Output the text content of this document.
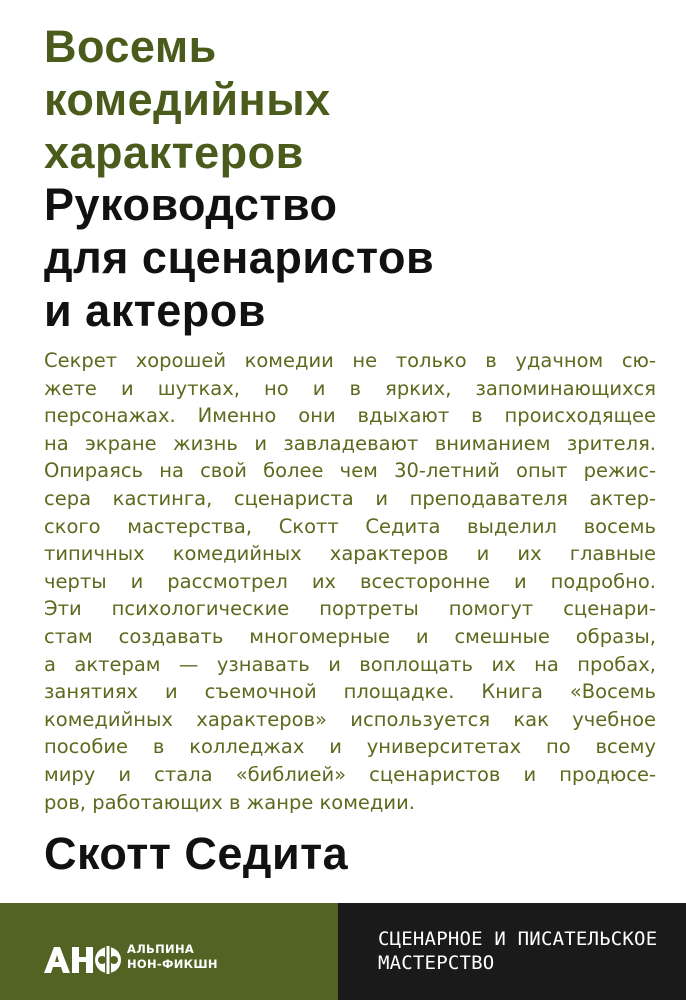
Восемь
комедийных
характеров
Руководство
для сценаристов
и актеров
Секрет хорошей комедии не только в удачном сю-
жете и шутках, но и в ярких, запоминающихся
персонажах. Именно они вдыхают в происходящее
на экране жизнь и завладевают вниманием зрителя.
Опираясь на свой более чем 30-летний опыт режис-
сера кастинга, сценариста и преподавателя актер-
ского мастерства, Скотт Седита выделил восемь
типичных комедийных характеров и их главные
черты и рассмотрел их всесторонне и подробно.
Эти психологические портреты помогут сценари-
стам создавать многомерные и смешные образы,
а актерам — узнавать и воплощать их на пробах,
занятиях и съемочной площадке. Книга «Восемь
комедийных характеров» используется как учебное
пособие в колледжах и университетах по всему
миру и стала «библией» сценаристов и продюсе-
ров, работающих в жанре комедии.
Скотт Седита
АЛЬПИНА
НОН-ФИКШН
СЦЕНАРНОЕ И ПИСАТЕЛЬСКОЕ
МАСТЕРСТВО
